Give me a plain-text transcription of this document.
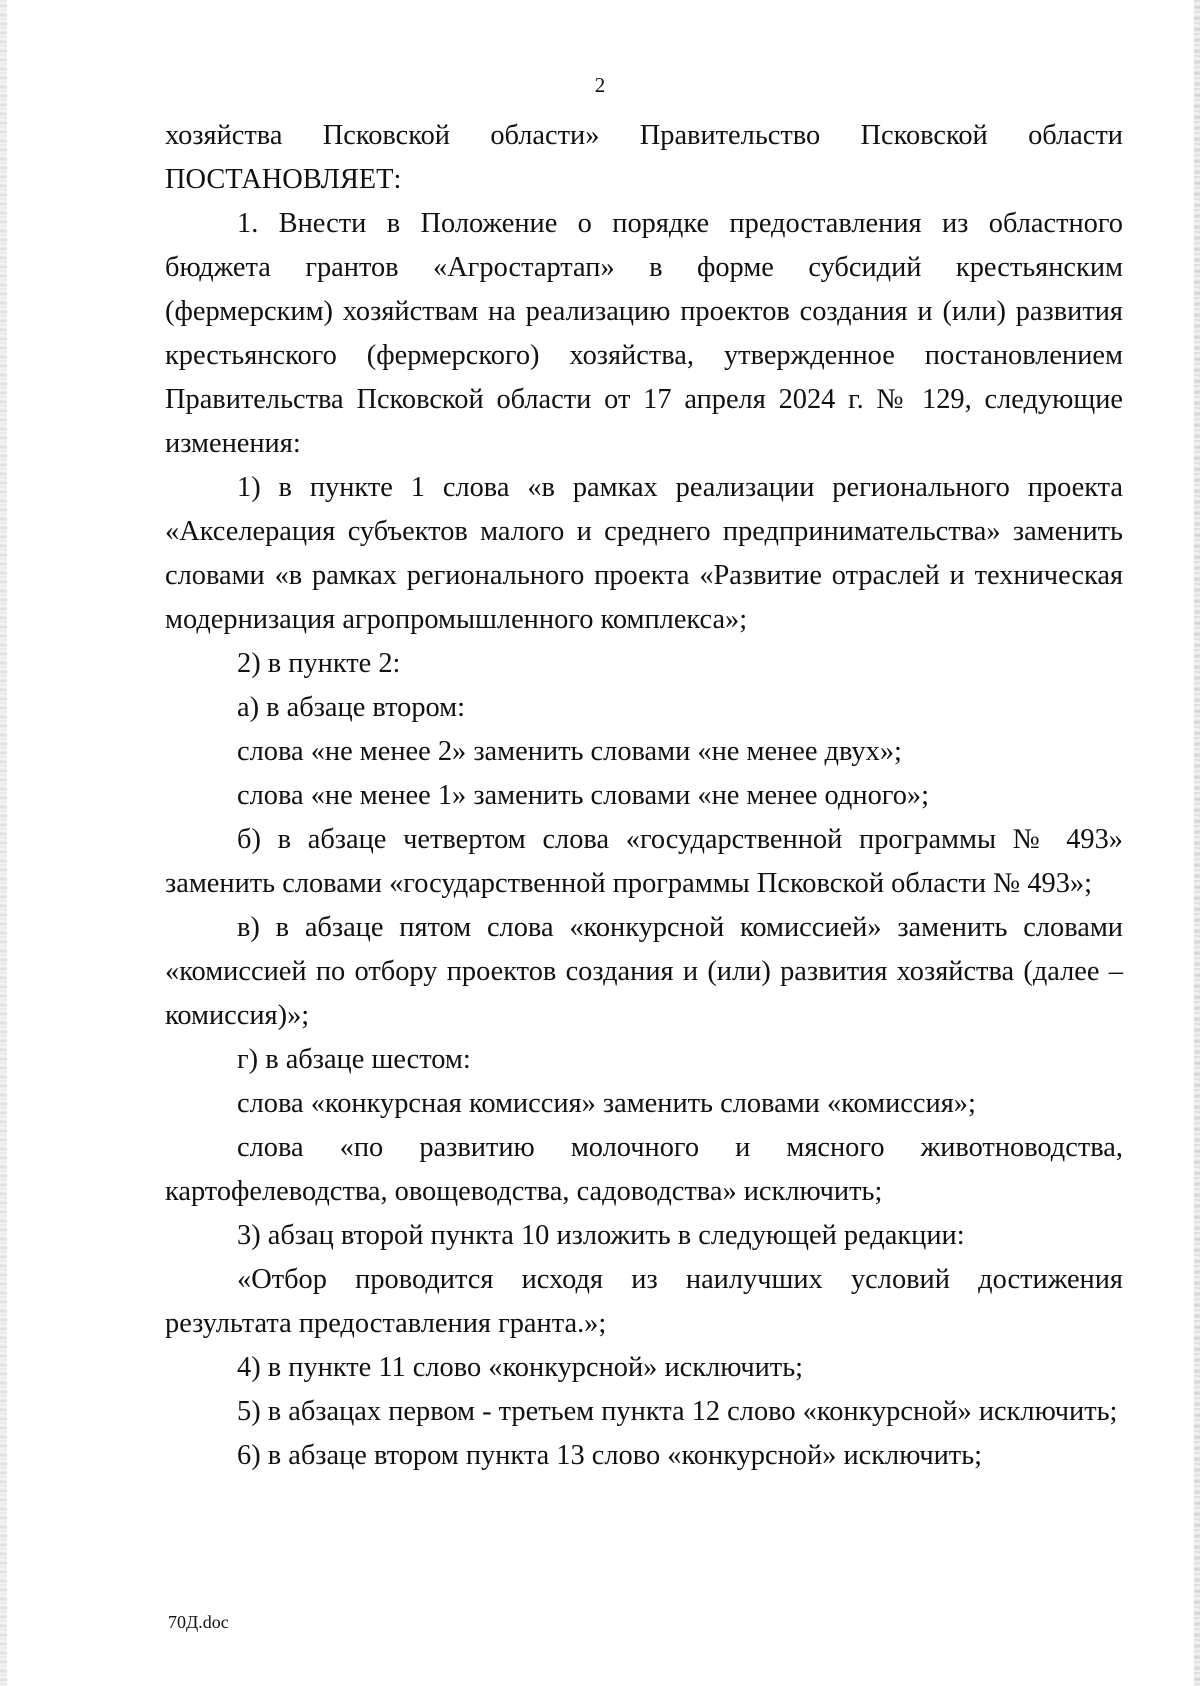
2

хозяйства Псковской области» Правительство Псковской области ПОСТАНОВЛЯЕТ:

1. Внести в Положение о порядке предоставления из областного бюджета грантов «Агростартап» в форме субсидий крестьянским (фермерским) хозяйствам на реализацию проектов создания и (или) развития крестьянского (фермерского) хозяйства, утвержденное постановлением Правительства Псковской области от 17 апреля 2024 г. № 129, следующие изменения:

1) в пункте 1 слова «в рамках реализации регионального проекта «Акселерация субъектов малого и среднего предпринимательства» заменить словами «в рамках регионального проекта «Развитие отраслей и техническая модернизация агропромышленного комплекса»;

2) в пункте 2:

а) в абзаце втором:

слова «не менее 2» заменить словами «не менее двух»;

слова «не менее 1» заменить словами «не менее одного»;

б) в абзаце четвертом слова «государственной программы № 493» заменить словами «государственной программы Псковской области № 493»;

в) в абзаце пятом слова «конкурсной комиссией» заменить словами «комиссией по отбору проектов создания и (или) развития хозяйства (далее – комиссия)»;

г) в абзаце шестом:

слова «конкурсная комиссия» заменить словами «комиссия»;

слова «по развитию молочного и мясного животноводства, картофелеводства, овощеводства, садоводства» исключить;

3) абзац второй пункта 10 изложить в следующей редакции:

«Отбор проводится исходя из наилучших условий достижения результата предоставления гранта.»;

4) в пункте 11 слово «конкурсной» исключить;

5) в абзацах первом - третьем пункта 12 слово «конкурсной» исключить;

6) в абзаце втором пункта 13 слово «конкурсной» исключить;

70Д.doc
